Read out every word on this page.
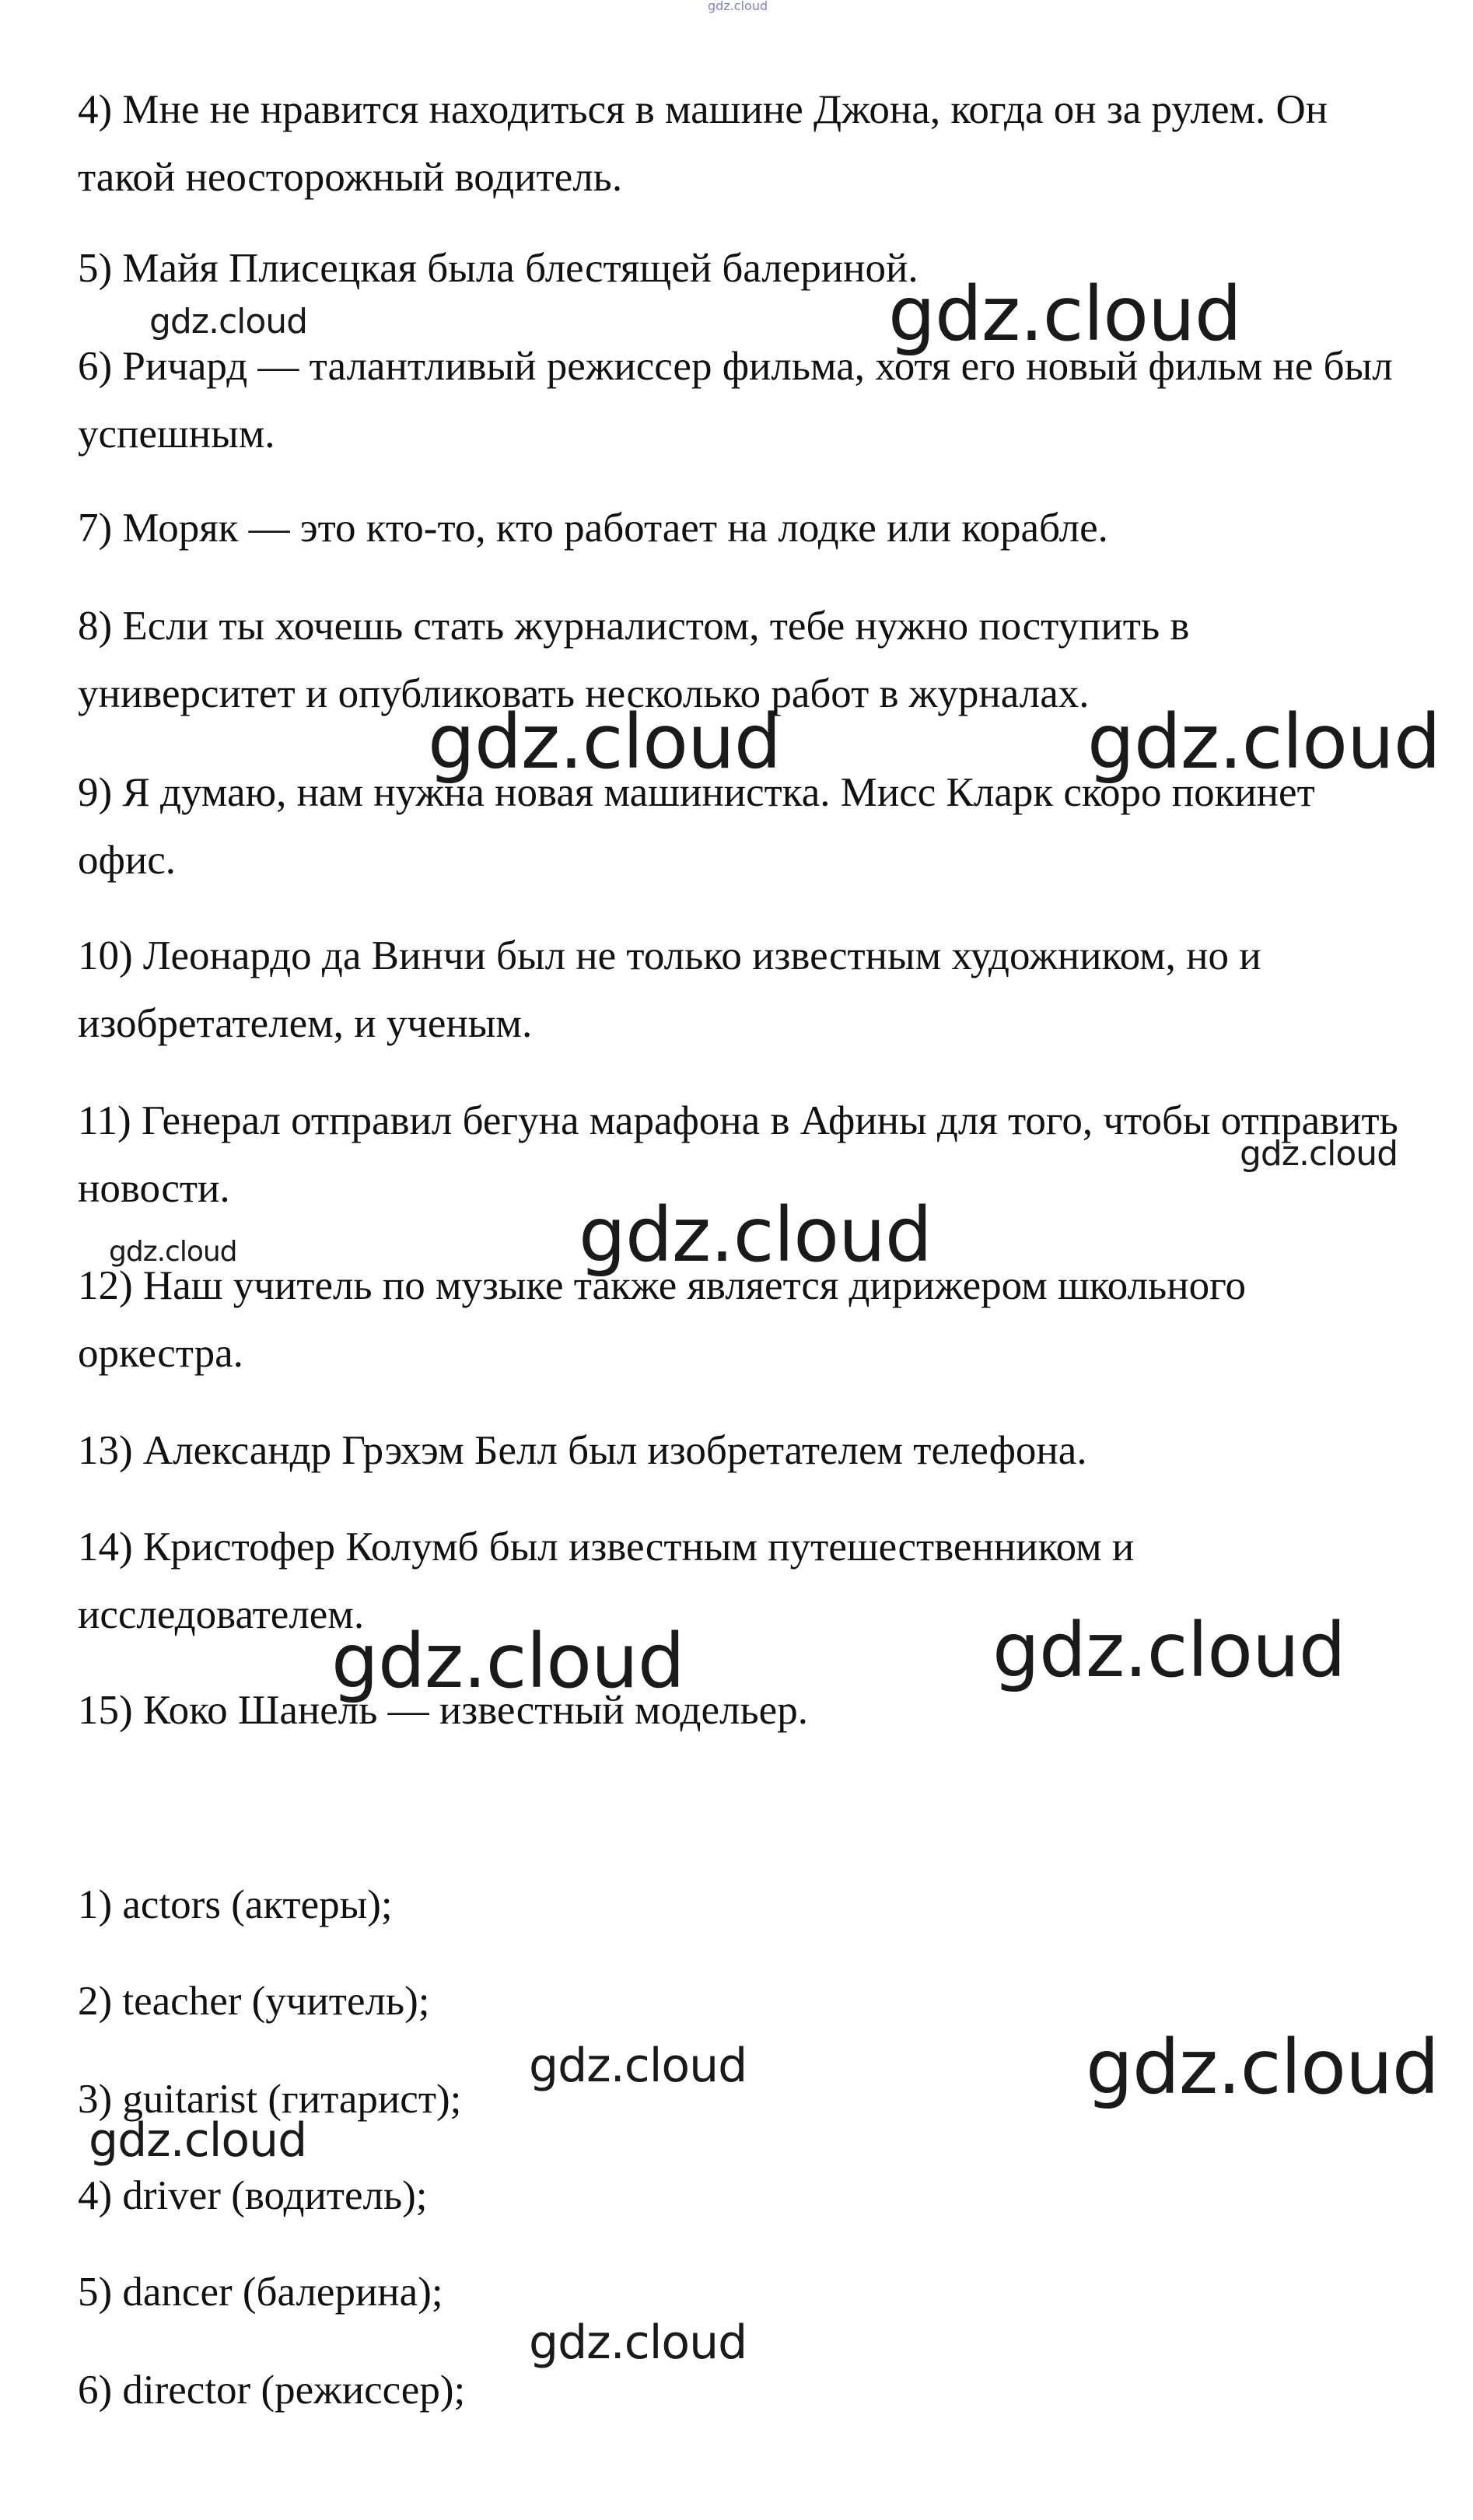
gdz.cloud

4) Мне не нравится находиться в машине Джона, когда он за рулем. Он такой неосторожный водитель.

5) Майя Плисецкая была блестящей балериной.

6) Ричард — талантливый режиссер фильма, хотя его новый фильм не был успешным.

7) Моряк — это кто-то, кто работает на лодке или корабле.

8) Если ты хочешь стать журналистом, тебе нужно поступить в университет и опубликовать несколько работ в журналах.

9) Я думаю, нам нужна новая машинистка. Мисс Кларк скоро покинет офис.

10) Леонардо да Винчи был не только известным художником, но и изобретателем, и ученым.

11) Генерал отправил бегуна марафона в Афины для того, чтобы отправить новости.

12) Наш учитель по музыке также является дирижером школьного оркестра.

13) Александр Грэхэм Белл был изобретателем телефона.

14) Кристофер Колумб был известным путешественником и исследователем.

15) Коко Шанель — известный модельер.

1) actors (актеры);

2) teacher (учитель);

3) guitarist (гитарист);

4) driver (водитель);

5) dancer (балерина);

6) director (режиссер);

gdz.cloud	gdz.cloud
gdz.cloud	gdz.cloud
gdz.cloud
gdz.cloud	gdz.cloud
gdz.cloud	gdz.cloud
gdz.cloud	gdz.cloud
gdz.cloud
gdz.cloud
